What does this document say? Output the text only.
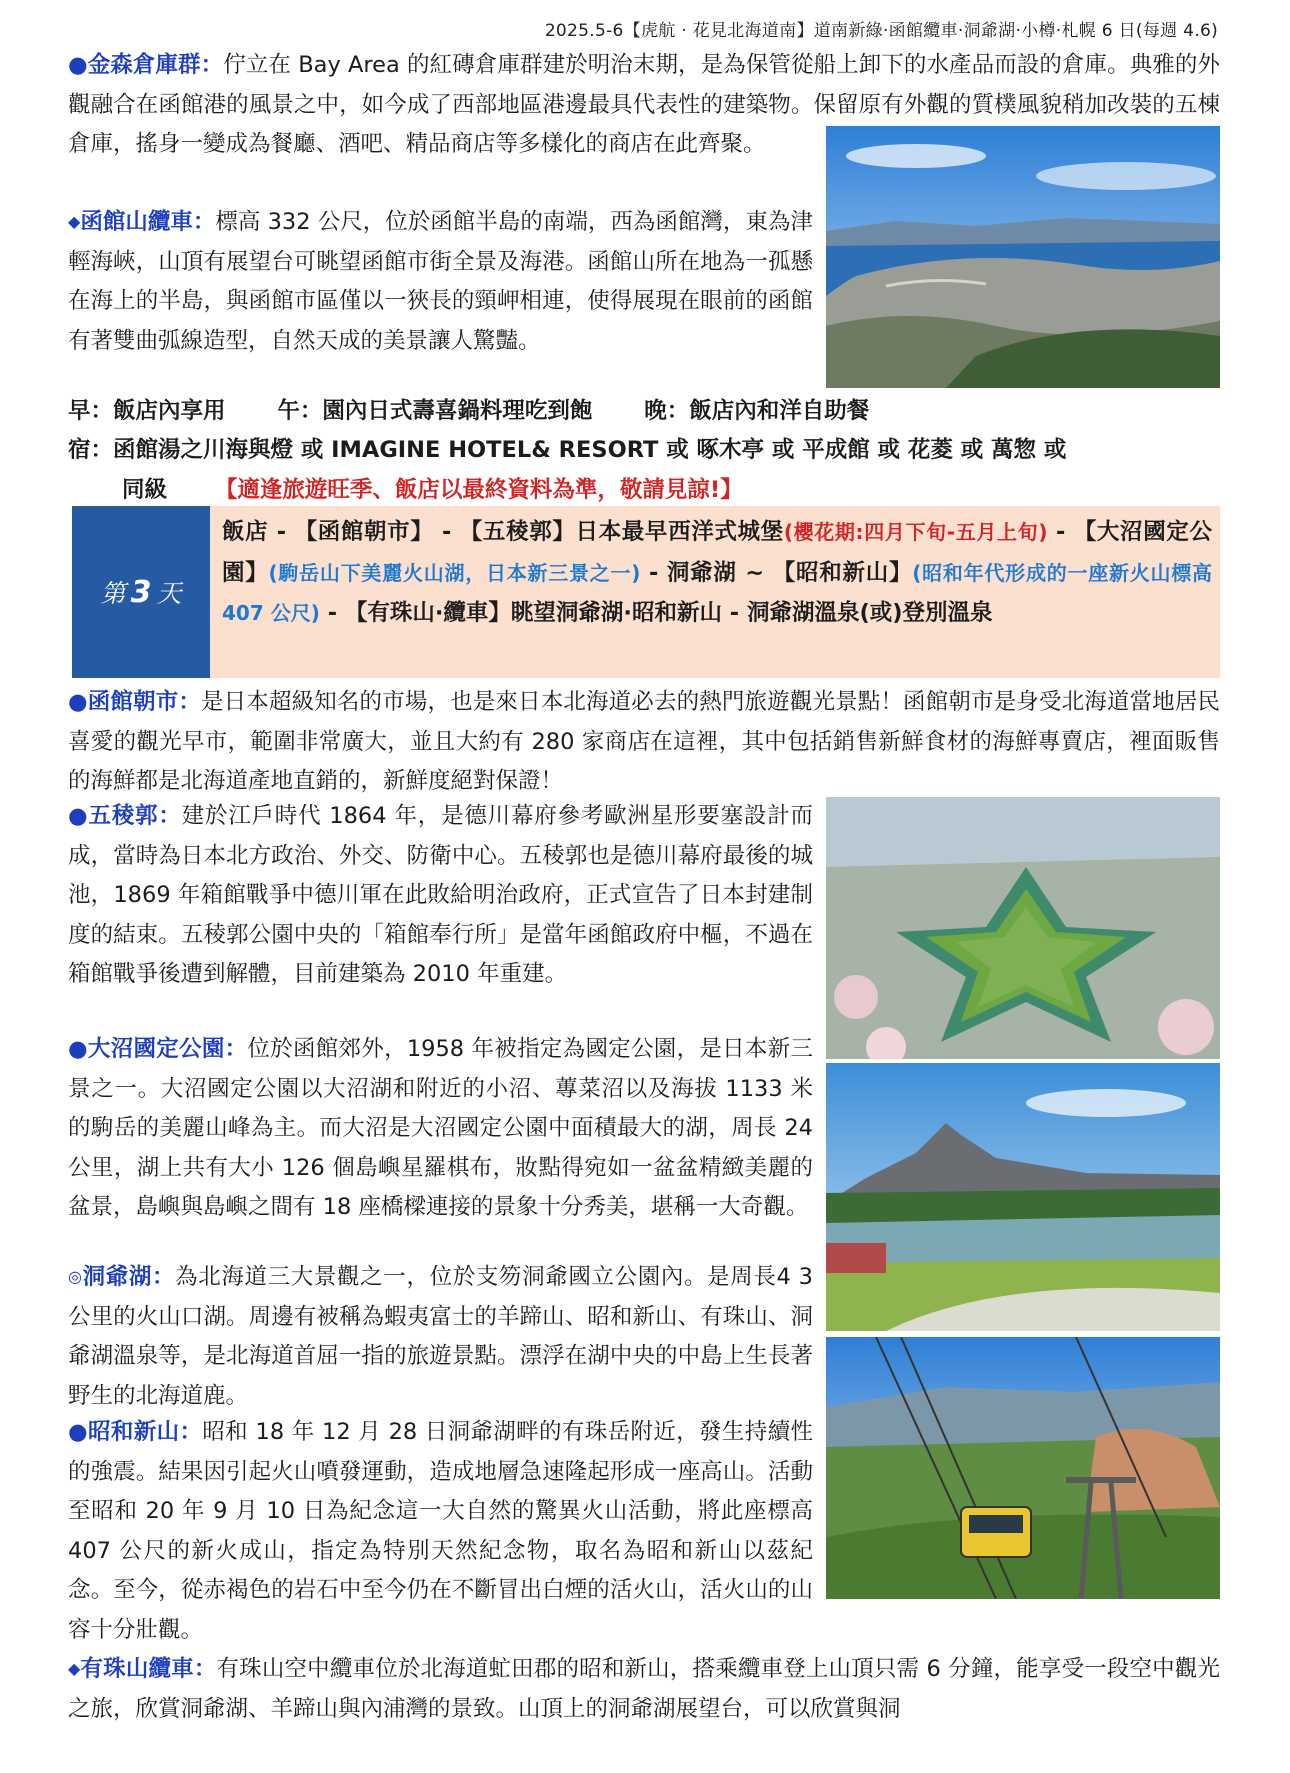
2025.5-6【虎航 · 花見北海道南】道南新綠·函館纜車·洞爺湖·小樽·札幌 6 日(每週 4.6)
●金森倉庫群：佇立在 Bay Area 的紅磚倉庫群建於明治末期，是為保管從船上卸下的水產品而設的倉庫。典雅的外觀融合在函館港的風景之中，如今成了西部地區港邊最具代表性的建築物。保留原有外觀的質樸風貌稍加改裝的五棟倉庫，搖身一變成為餐廳、酒吧、精品商店等多樣化的商店在此齊聚。
◆函館山纜車：標高 332 公尺，位於函館半島的南端，西為函館灣，東為津輕海峽，山頂有展望台可眺望函館市街全景及海港。函館山所在地為一孤懸在海上的半島，與函館市區僅以一狹長的頸岬相連，使得展現在眼前的函館有著雙曲弧線造型，自然天成的美景讓人驚豔。
早：飯店內享用 午：園內日式壽喜鍋料理吃到飽 晚：飯店內和洋自助餐
宿：函館湯之川海與燈 或 IMAGINE HOTEL& RESORT 或 啄木亭 或 平成館 或 花菱 或 萬惣 或
同級 【適逢旅遊旺季、飯店以最終資料為準，敬請見諒!】
第 3 天
飯店 - 【函館朝市】 - 【五稜郭】日本最早西洋式城堡(櫻花期:四月下旬-五月上旬) - 【大沼國定公園】(駒岳山下美麗火山湖，日本新三景之一) - 洞爺湖 ~ 【昭和新山】(昭和年代形成的一座新火山標高 407 公尺) - 【有珠山·纜車】眺望洞爺湖·昭和新山 - 洞爺湖溫泉(或)登別溫泉
●函館朝市：是日本超級知名的市場，也是來日本北海道必去的熱門旅遊觀光景點！函館朝市是身受北海道當地居民喜愛的觀光早市，範圍非常廣大，並且大約有 280 家商店在這裡，其中包括銷售新鮮食材的海鮮專賣店，裡面販售的海鮮都是北海道產地直銷的，新鮮度絕對保證！
●五稜郭：建於江戶時代 1864 年，是德川幕府參考歐洲星形要塞設計而成，當時為日本北方政治、外交、防衛中心。五稜郭也是德川幕府最後的城池，1869 年箱館戰爭中德川軍在此敗給明治政府，正式宣告了日本封建制度的結束。五稜郭公園中央的「箱館奉行所」是當年函館政府中樞，不過在箱館戰爭後遭到解體，目前建築為 2010 年重建。
●大沼國定公園：位於函館郊外，1958 年被指定為國定公園，是日本新三景之一。大沼國定公園以大沼湖和附近的小沼、蓴菜沼以及海拔 1133 米的駒岳的美麗山峰為主。而大沼是大沼國定公園中面積最大的湖，周長 24 公里，湖上共有大小 126 個島嶼星羅棋布，妝點得宛如一盆盆精緻美麗的盆景，島嶼與島嶼之間有 18 座橋樑連接的景象十分秀美，堪稱一大奇觀。
◎洞爺湖：為北海道三大景觀之一，位於支笏洞爺國立公園內。是周長4 3 公里的火山口湖。周邊有被稱為蝦夷富士的羊蹄山、昭和新山、有珠山、洞爺湖溫泉等，是北海道首屈一指的旅遊景點。漂浮在湖中央的中島上生長著野生的北海道鹿。
●昭和新山：昭和 18 年 12 月 28 日洞爺湖畔的有珠岳附近，發生持續性的強震。結果因引起火山噴發運動，造成地層急速隆起形成一座高山。活動至昭和 20 年 9 月 10 日為紀念這一大自然的驚異火山活動，將此座標高 407 公尺的新火成山，指定為特別天然紀念物，取名為昭和新山以茲紀念。至今，從赤褐色的岩石中至今仍在不斷冒出白煙的活火山，活火山的山容十分壯觀。
◆有珠山纜車：有珠山空中纜車位於北海道虻田郡的昭和新山，搭乘纜車登上山頂只需 6 分鐘，能享受一段空中觀光之旅，欣賞洞爺湖、羊蹄山與內浦灣的景致。山頂上的洞爺湖展望台，可以欣賞與洞
